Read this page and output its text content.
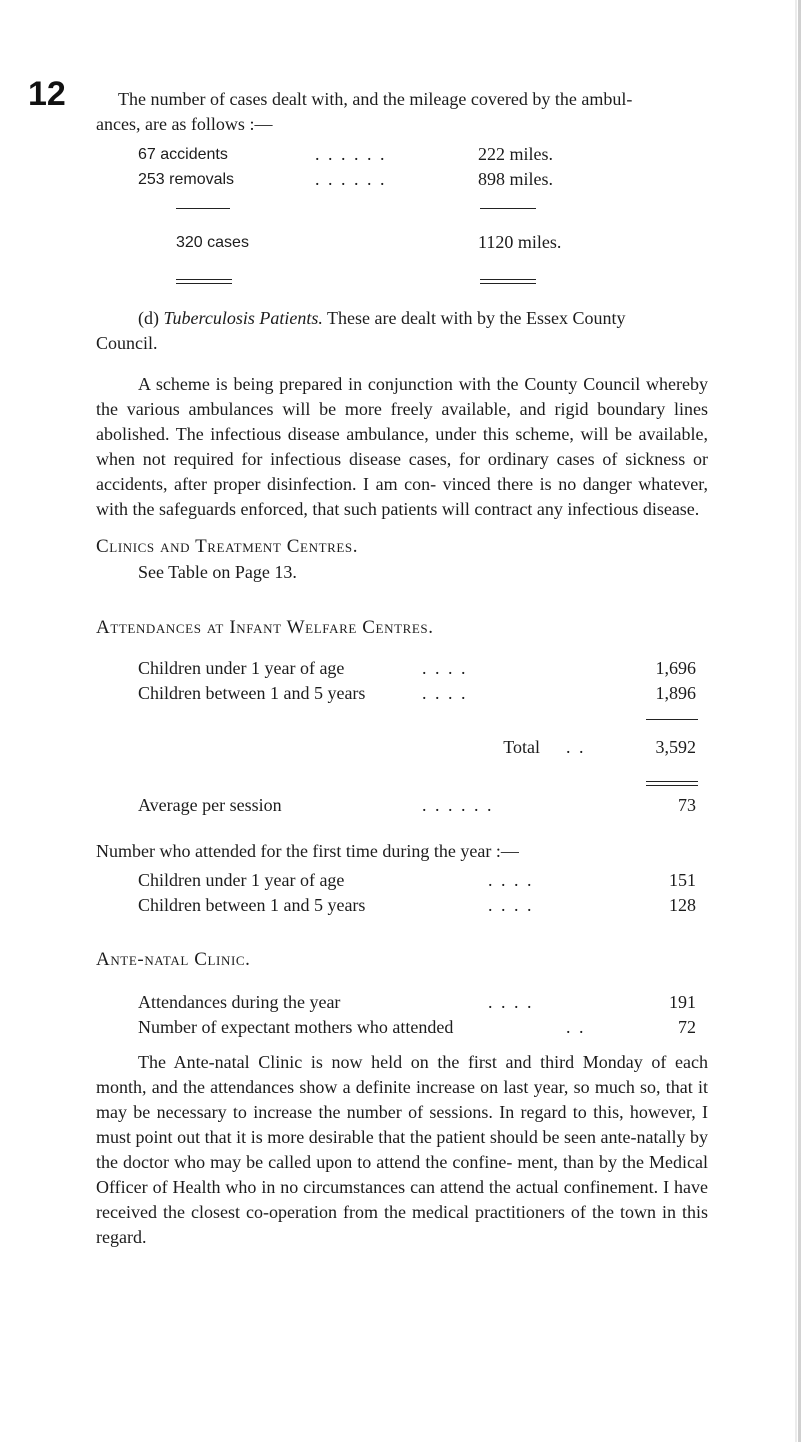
12	The number of cases dealt with, and the mileage covered by the ambul-
ances, are as follows :—
67 accidents	. . . . . .	222 miles.
253 removals	. . . . . .	898 miles.
320 cases	1120 miles.
(d) Tuberculosis Patients. These are dealt with by the Essex County
Council.
A scheme is being prepared in conjunction with the County Council whereby the various ambulances will be more freely available, and rigid boundary lines abolished. The infectious disease ambulance, under this scheme, will be available, when not required for infectious disease cases, for ordinary cases of sickness or accidents, after proper disinfection. I am con- vinced there is no danger whatever, with the safeguards enforced, that such patients will contract any infectious disease.
Clinics and Treatment Centres.
See Table on Page 13.
Attendances at Infant Welfare Centres.
Children under 1 year of age	. . . .	1,696
Children between 1 and 5 years	. . . .	1,896
Total . .	3,592
Average per session	. . . . . .	73
Number who attended for the first time during the year :—
Children under 1 year of age	. . . .	151
Children between 1 and 5 years	. . . .	128
Ante-natal Clinic.
Attendances during the year	. . . .	191
Number of expectant mothers who attended	. .	72
The Ante-natal Clinic is now held on the first and third Monday of each month, and the attendances show a definite increase on last year, so much so, that it may be necessary to increase the number of sessions. In regard to this, however, I must point out that it is more desirable that the patient should be seen ante-natally by the doctor who may be called upon to attend the confine- ment, than by the Medical Officer of Health who in no circumstances can attend the actual confinement. I have received the closest co-operation from the medical practitioners of the town in this regard.
